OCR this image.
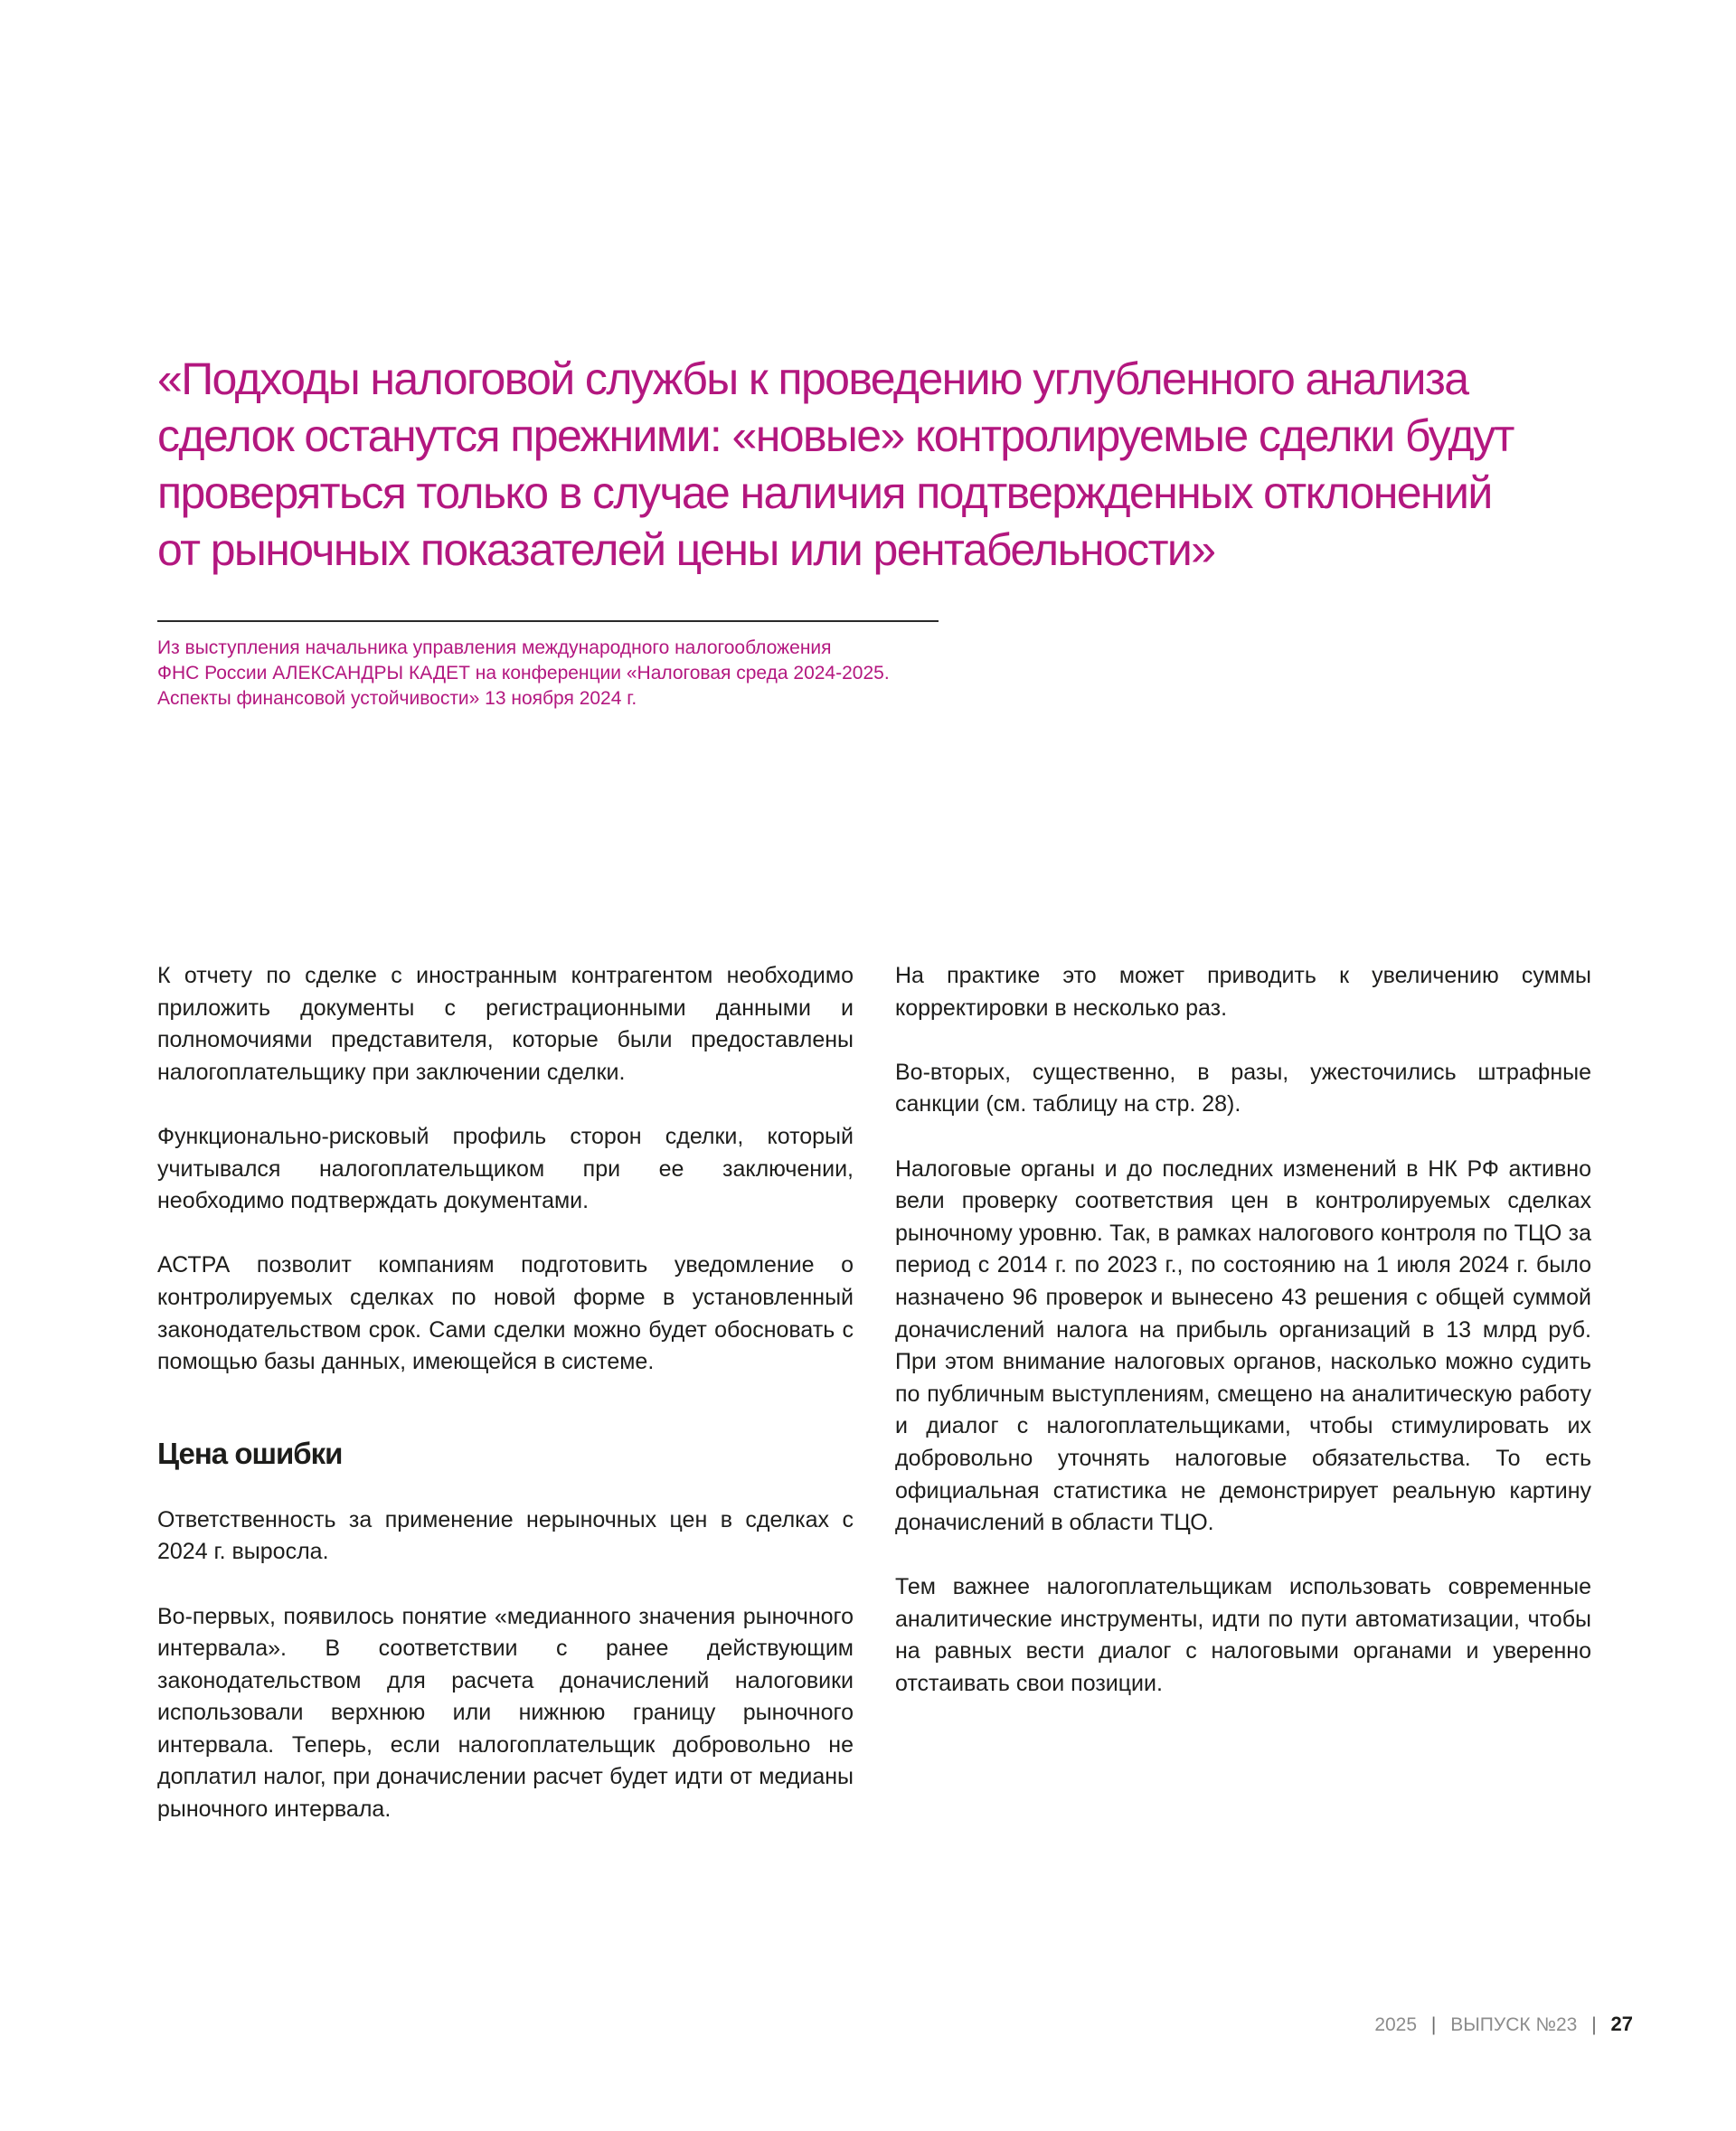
«Подходы налоговой службы к проведению углубленного анализа
сделок останутся прежними: «новые» контролируемые сделки будут
проверяться только в случае наличия подтвержденных отклонений
от рыночных показателей цены или рентабельности»
Из выступления начальника управления международного налогообложения
ФНС России АЛЕКСАНДРЫ КАДЕТ на конференции «Налоговая среда 2024-2025.
Аспекты финансовой устойчивости» 13 ноября 2024 г.

К отчету по сделке с иностранным контрагентом необходимо приложить документы с регистрационными данными и полномочиями представителя, которые были предоставлены налогоплательщику при заключении сделки.

Функционально-рисковый профиль сторон сделки, который учитывался налогоплательщиком при ее заключении, необходимо подтверждать документами.

АСТРА позволит компаниям подготовить уведомление о контролируемых сделках по новой форме в установленный законодательством срок. Сами сделки можно будет обосновать с помощью базы данных, имеющейся в системе.

Цена ошибки

Ответственность за применение нерыночных цен в сделках с 2024 г. выросла.

Во-первых, появилось понятие «медианного значения рыночного интервала». В соответствии с ранее действующим законодательством для расчета доначислений налоговики использовали верхнюю или нижнюю границу рыночного интервала. Теперь, если налогоплательщик добровольно не доплатил налог, при доначислении расчет будет идти от медианы рыночного интервала.

На практике это может приводить к увеличению суммы корректировки в несколько раз.

Во-вторых, существенно, в разы, ужесточились штрафные санкции (см. таблицу на стр. 28).

Налоговые органы и до последних изменений в НК РФ активно вели проверку соответствия цен в контролируемых сделках рыночному уровню. Так, в рамках налогового контроля по ТЦО за период с 2014 г. по 2023 г., по состоянию на 1 июля 2024 г. было назначено 96 проверок и вынесено 43 решения с общей суммой доначислений налога на прибыль организаций в 13 млрд руб. При этом внимание налоговых органов, насколько можно судить по публичным выступлениям, смещено на аналитическую работу и диалог с налогоплательщиками, чтобы стимулировать их добровольно уточнять налоговые обязательства. То есть официальная статистика не демонстрирует реальную картину доначислений в области ТЦО.

Тем важнее налогоплательщикам использовать современные аналитические инструменты, идти по пути автоматизации, чтобы на равных вести диалог с налоговыми органами и уверенно отстаивать свои позиции.

2025 | ВЫПУСК №23 | 27
